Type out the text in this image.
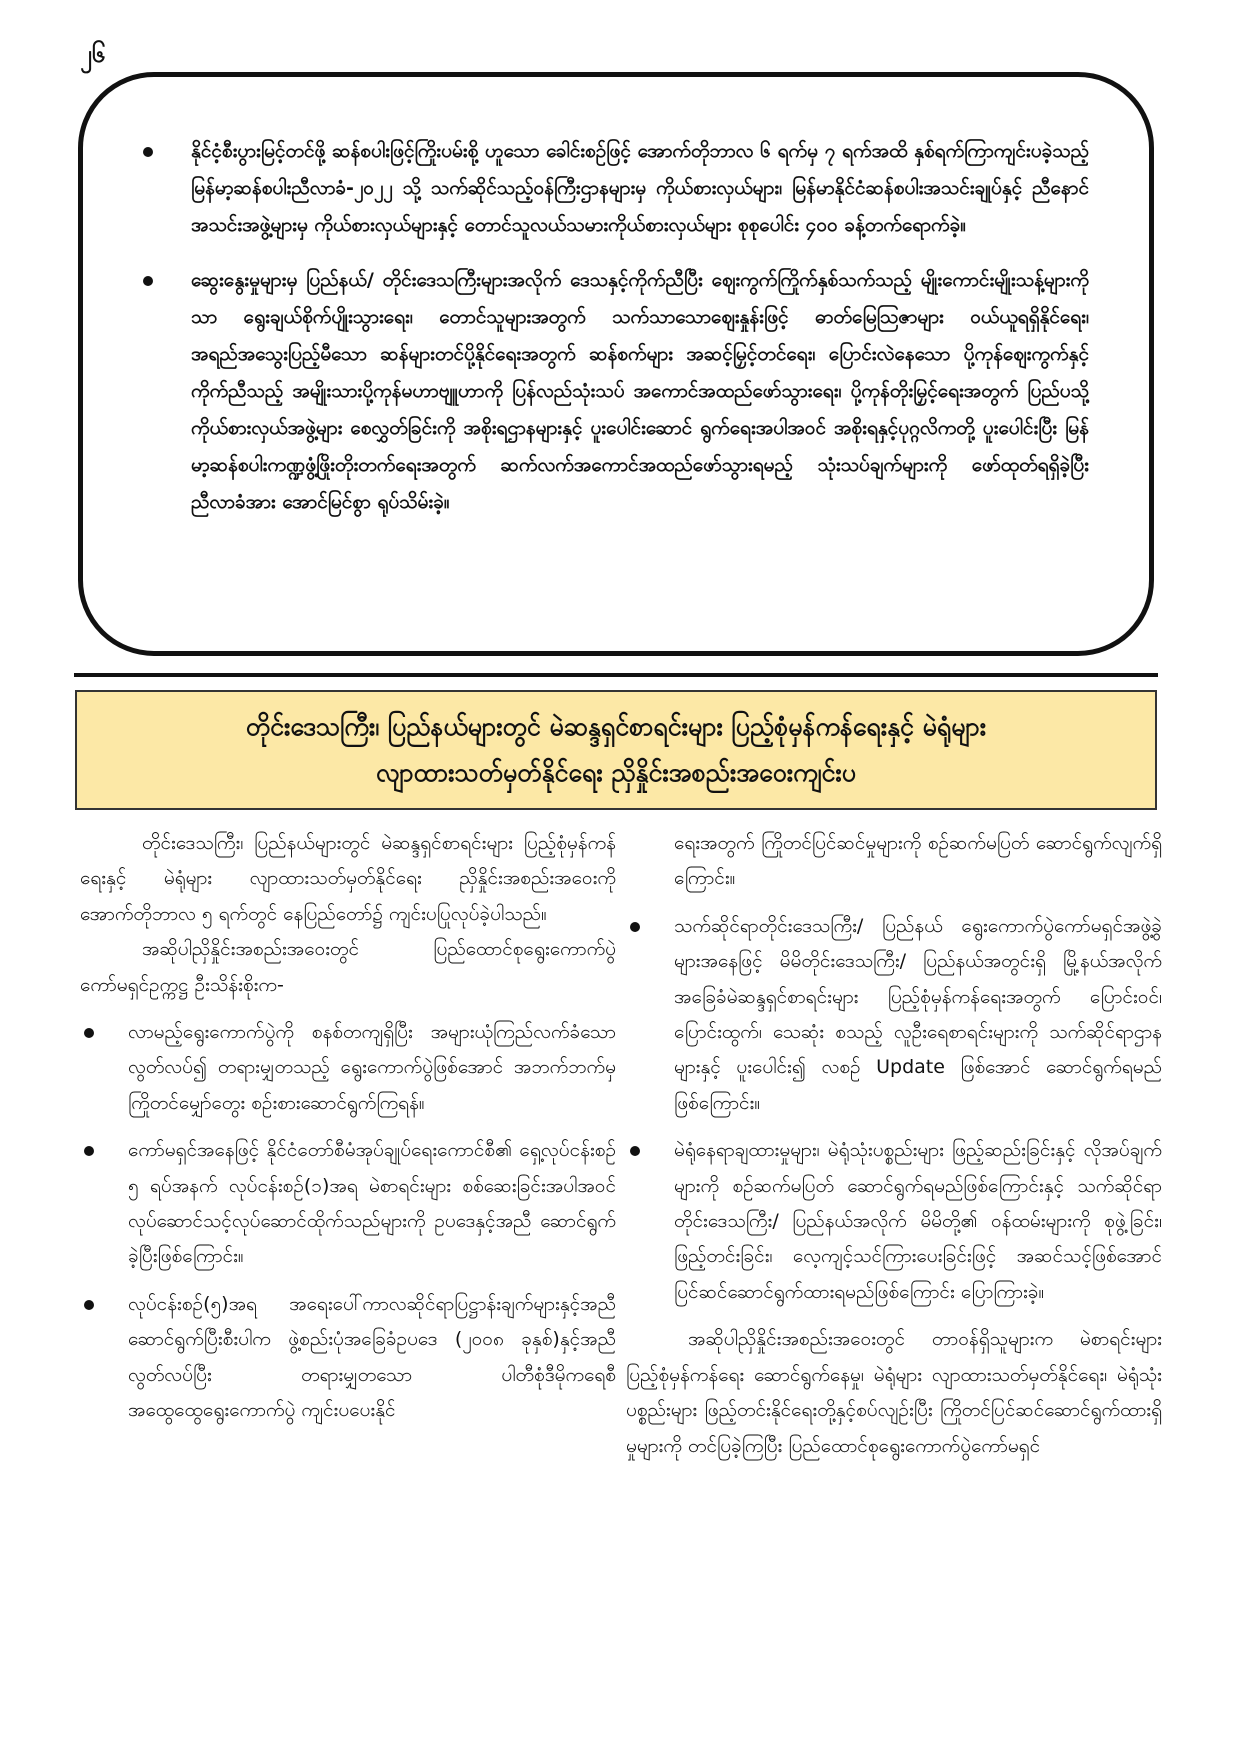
၂၆
နိုင်ငံ့စီးပွားမြင့်တင်ဖို့ ဆန်စပါးဖြင့်ကြိုးပမ်းစို့ ဟူသော ခေါင်းစဉ်ဖြင့် အောက်တိုဘာလ ၆ ရက်မှ ၇ ရက်အထိ နှစ်ရက်ကြာကျင်းပခဲ့သည့် မြန်မာ့ဆန်စပါးညီလာခံ-၂၀၂၂ သို့ သက်ဆိုင်သည့်ဝန်ကြီးဌာနများမှ ကိုယ်စားလှယ်များ၊ မြန်မာနိုင်ငံဆန်စပါးအသင်းချုပ်နှင့် ညီနောင်အသင်းအဖွဲ့များမှ ကိုယ်စားလှယ်များနှင့် တောင်သူလယ်သမားကိုယ်စားလှယ်များ စုစုပေါင်း ၄၀၀ ခန့်တက်ရောက်ခဲ့။
ဆွေးနွေးမှုများမှ ပြည်နယ်/ တိုင်းဒေသကြီးများအလိုက် ဒေသနှင့်ကိုက်ညီပြီး ဈေးကွက်ကြိုက်နှစ်သက်သည့် မျိုးကောင်းမျိုးသန့်များကိုသာ ရွေးချယ်စိုက်ပျိုးသွားရေး၊ တောင်သူများအတွက် သက်သာသောဈေးနှုန်းဖြင့် ဓာတ်မြေဩဇာများ ဝယ်ယူရရှိနိုင်ရေး၊ အရည်အသွေးပြည့်မီသော ဆန်များတင်ပို့နိုင်ရေးအတွက် ဆန်စက်များ အဆင့်မြှင့်တင်ရေး၊ ပြောင်းလဲနေသော ပို့ကုန်ဈေးကွက်နှင့် ကိုက်ညီသည့် အမျိုးသားပို့ကုန်မဟာဗျူဟာကို ပြန်လည်သုံးသပ် အကောင်အထည်ဖော်သွားရေး၊ ပို့ကုန်တိုးမြှင့်ရေးအတွက် ပြည်ပသို့ကိုယ်စားလှယ်အဖွဲ့များ စေလွှတ်ခြင်းကို အစိုးရဌာနများနှင့် ပူးပေါင်းဆောင် ရွက်ရေးအပါအဝင် အစိုးရနှင့်ပုဂ္ဂလိကတို့ ပူးပေါင်းပြီး မြန်မာ့ဆန်စပါးကဏ္ဍဖွံ့ဖြိုးတိုးတက်ရေးအတွက် ဆက်လက်အကောင်အထည်ဖော်သွားရမည့် သုံးသပ်ချက်များကို ဖော်ထုတ်ရရှိခဲ့ပြီး ညီလာခံအား အောင်မြင်စွာ ရုပ်သိမ်းခဲ့။
တိုင်းဒေသကြီး၊ ပြည်နယ်များတွင် မဲဆန္ဒရှင်စာရင်းများ ပြည့်စုံမှန်ကန်ရေးနှင့် မဲရုံများ
လျာထားသတ်မှတ်နိုင်ရေး ညှိနှိုင်းအစည်းအဝေးကျင်းပ

တိုင်းဒေသကြီး၊ ပြည်နယ်များတွင် မဲဆန္ဒရှင်စာရင်းများ ပြည့်စုံမှန်ကန်ရေးနှင့် မဲရုံများ လျာထားသတ်မှတ်နိုင်ရေး ညှိနှိုင်းအစည်းအဝေးကို အောက်တိုဘာလ ၅ ရက်တွင် နေပြည်တော်၌ ကျင်းပပြုလုပ်ခဲ့ပါသည်။

အဆိုပါညှိနှိုင်းအစည်းအဝေးတွင် ပြည်ထောင်စုရွေးကောက်ပွဲကော်မရှင်ဥက္ကဋ္ဌ ဦးသိန်းစိုးက-

လာမည့်ရွေးကောက်ပွဲကို စနစ်တကျရှိပြီး အများယုံကြည်လက်ခံသော လွတ်လပ်၍ တရားမျှတသည့် ရွေးကောက်ပွဲဖြစ်အောင် အဘက်ဘက်မှ ကြိုတင်မျှော်တွေး စဉ်းစားဆောင်ရွက်ကြရန်။
ကော်မရှင်အနေဖြင့် နိုင်ငံတော်စီမံအုပ်ချုပ်ရေးကောင်စီ၏ ရှေ့လုပ်ငန်းစဉ် ၅ ရပ်အနက် လုပ်ငန်းစဉ်(၁)အရ မဲစာရင်းများ စစ်ဆေးခြင်းအပါအဝင် လုပ်ဆောင်သင့်လုပ်ဆောင်ထိုက်သည်များကို ဥပဒေနှင့်အညီ ဆောင်ရွက်ခဲ့ပြီးဖြစ်ကြောင်း။
လုပ်ငန်းစဉ်(၅)အရ အရေးပေါ်ကာလဆိုင်ရာပြဋ္ဌာန်းချက်များနှင့်အညီ ဆောင်ရွက်ပြီးစီးပါက ဖွဲ့စည်းပုံအခြေခံဥပဒေ (၂၀၀၈ ခုနှစ်)နှင့်အညီ လွတ်လပ်ပြီး တရားမျှတသော ပါတီစုံဒီမိုကရေစီအထွေထွေရွေးကောက်ပွဲ ကျင်းပပေးနိုင်

ရေးအတွက် ကြိုတင်ပြင်ဆင်မှုများကို စဉ်ဆက်မပြတ် ဆောင်ရွက်လျက်ရှိကြောင်း။

သက်ဆိုင်ရာတိုင်းဒေသကြီး/ ပြည်နယ် ရွေးကောက်ပွဲကော်မရှင်အဖွဲ့ခွဲများအနေဖြင့် မိမိတိုင်းဒေသကြီး/ ပြည်နယ်အတွင်းရှိ မြို့နယ်အလိုက် အခြေခံမဲဆန္ဒရှင်စာရင်းများ ပြည့်စုံမှန်ကန်ရေးအတွက် ပြောင်းဝင်၊ ပြောင်းထွက်၊ သေဆုံး စသည့် လူဦးရေစာရင်းများကို သက်ဆိုင်ရာဌာနများနှင့် ပူးပေါင်း၍ လစဉ် Update ဖြစ်အောင် ဆောင်ရွက်ရမည်ဖြစ်ကြောင်း။
မဲရုံနေရာချထားမှုများ၊ မဲရုံသုံးပစ္စည်းများ ဖြည့်ဆည်းခြင်းနှင့် လိုအပ်ချက်များကို စဉ်ဆက်မပြတ် ဆောင်ရွက်ရမည်ဖြစ်ကြောင်းနှင့် သက်ဆိုင်ရာတိုင်းဒေသကြီး/ ပြည်နယ်အလိုက် မိမိတို့၏ ဝန်ထမ်းများကို စုဖွဲ့ခြင်း၊ ဖြည့်တင်းခြင်း၊ လေ့ကျင့်သင်ကြားပေးခြင်းဖြင့် အဆင်သင့်ဖြစ်အောင် ပြင်ဆင်ဆောင်ရွက်ထားရမည်ဖြစ်ကြောင်း ပြောကြားခဲ့။

အဆိုပါညှိနှိုင်းအစည်းအဝေးတွင် တာဝန်ရှိသူများက မဲစာရင်းများ ပြည့်စုံမှန်ကန်ရေး ဆောင်ရွက်နေမှု၊ မဲရုံများ လျာထားသတ်မှတ်နိုင်ရေး၊ မဲရုံသုံးပစ္စည်းများ ဖြည့်တင်းနိုင်ရေးတို့နှင့်စပ်လျဉ်းပြီး ကြိုတင်ပြင်ဆင်ဆောင်ရွက်ထားရှိမှုများကို တင်ပြခဲ့ကြပြီး ပြည်ထောင်စုရွေးကောက်ပွဲကော်မရှင်
